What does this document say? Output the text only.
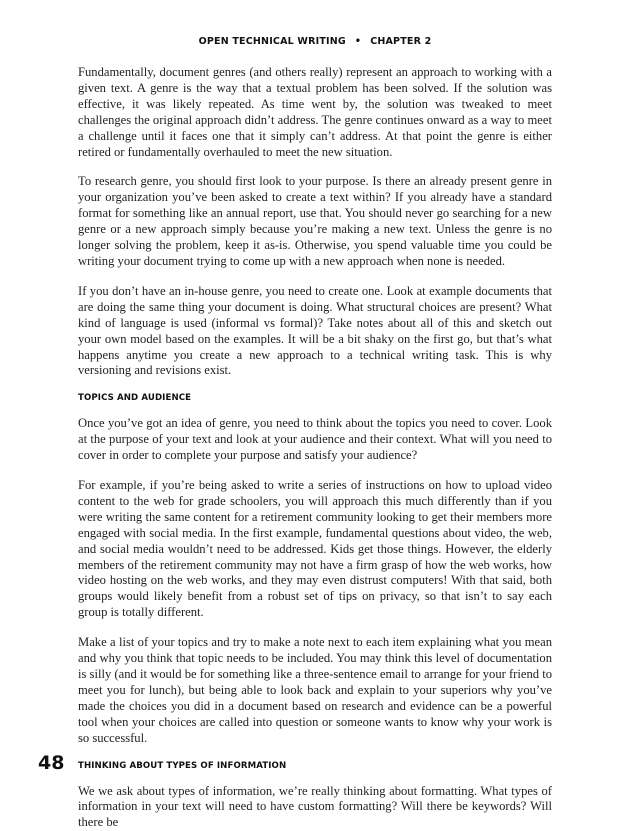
OPEN TECHNICAL WRITING • CHAPTER 2

Fundamentally, document genres (and others really) represent an approach to working with a given text. A genre is the way that a textual problem has been solved. If the solution was effective, it was likely repeated. As time went by, the solution was tweaked to meet challenges the original approach didn’t address. The genre continues onward as a way to meet a challenge until it faces one that it simply can’t address. At that point the genre is either retired or fundamentally overhauled to meet the new situation.

To research genre, you should first look to your purpose. Is there an already present genre in your organization you’ve been asked to create a text within? If you already have a standard format for something like an annual report, use that. You should never go searching for a new genre or a new approach simply because you’re making a new text. Unless the genre is no longer solving the problem, keep it as-is. Otherwise, you spend valuable time you could be writing your document trying to come up with a new approach when none is needed.

If you don’t have an in-house genre, you need to create one. Look at example documents that are doing the same thing your document is doing. What structural choices are present? What kind of language is used (informal vs formal)? Take notes about all of this and sketch out your own model based on the examples. It will be a bit shaky on the first go, but that’s what happens anytime you create a new approach to a technical writing task. This is why versioning and revisions exist.

TOPICS AND AUDIENCE

Once you’ve got an idea of genre, you need to think about the topics you need to cover. Look at the purpose of your text and look at your audience and their context. What will you need to cover in order to complete your purpose and satisfy your audience?

For example, if you’re being asked to write a series of instructions on how to upload video content to the web for grade schoolers, you will approach this much differently than if you were writing the same content for a retirement community looking to get their members more engaged with social media. In the first example, fundamental questions about video, the web, and social media wouldn’t need to be addressed. Kids get those things. However, the elderly members of the retirement community may not have a firm grasp of how the web works, how video hosting on the web works, and they may even distrust computers! With that said, both groups would likely benefit from a robust set of tips on privacy, so that isn’t to say each group is totally different.

Make a list of your topics and try to make a note next to each item explaining what you mean and why you think that topic needs to be included. You may think this level of documentation is silly (and it would be for something like a three-sentence email to arrange for your friend to meet you for lunch), but being able to look back and explain to your superiors why you’ve made the choices you did in a document based on research and evidence can be a powerful tool when your choices are called into question or someone wants to know why your work is so successful.

THINKING ABOUT TYPES OF INFORMATION

We we ask about types of information, we’re really thinking about formatting. What types of information in your text will need to have custom formatting? Will there be keywords? Will there be

48
